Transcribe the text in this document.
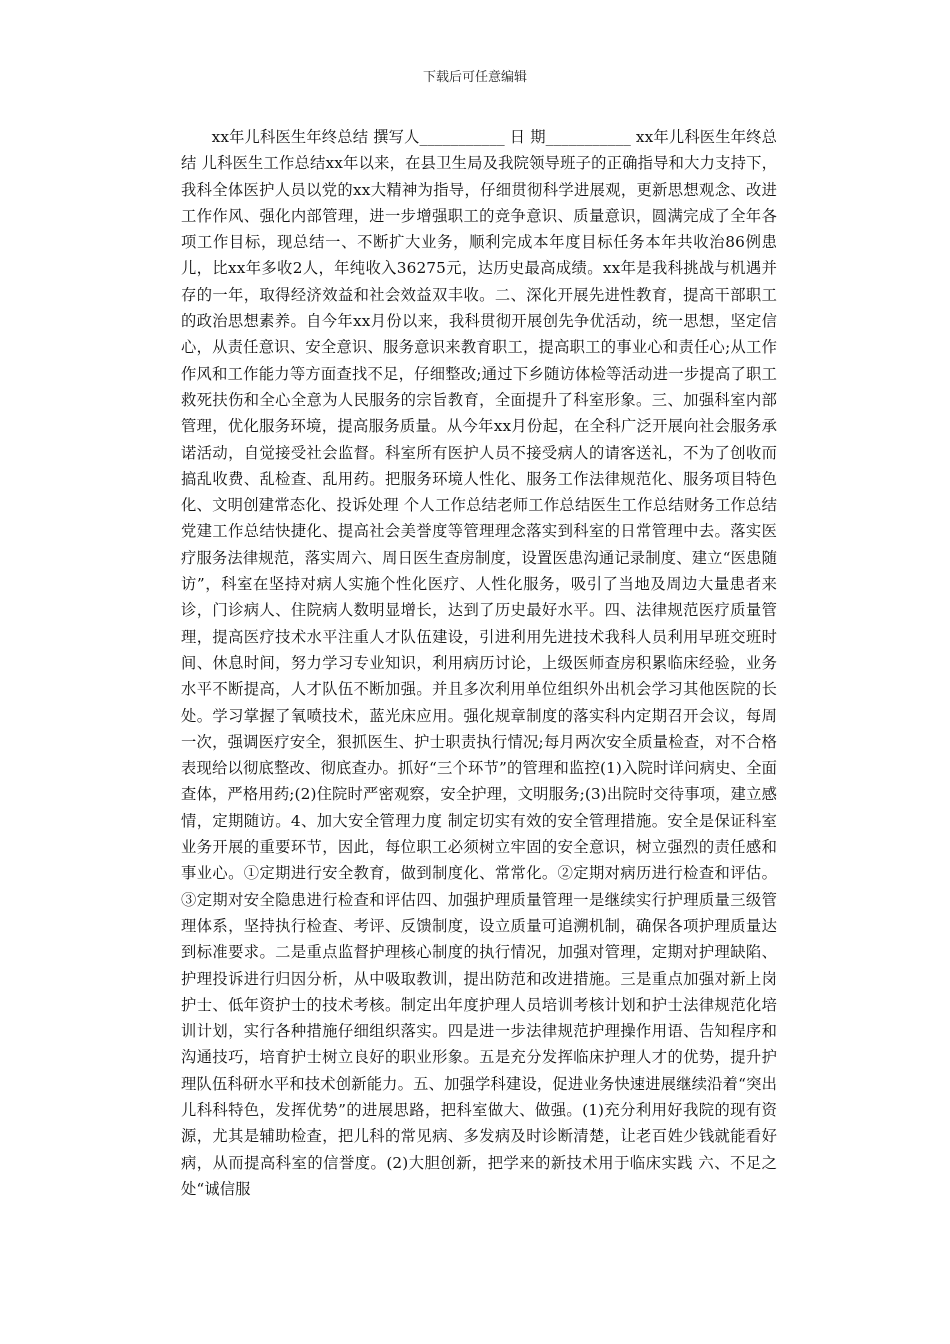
下载后可任意编辑

xx年儿科医生年终总结 撰写人___________ 日 期___________ xx年儿科医生年终总结 儿科医生工作总结xx年以来，在县卫生局及我院领导班子的正确指导和大力支持下，我科全体医护人员以党的xx大精神为指导，仔细贯彻科学进展观，更新思想观念、改进工作作风、强化内部管理，进一步增强职工的竞争意识、质量意识，圆满完成了全年各项工作目标，现总结一、不断扩大业务，顺利完成本年度目标任务本年共收治86例患儿，比xx年多收2人，年纯收入36275元，达历史最高成绩。xx年是我科挑战与机遇并存的一年，取得经济效益和社会效益双丰收。二、深化开展先进性教育，提高干部职工的政治思想素养。自今年xx月份以来，我科贯彻开展创先争优活动，统一思想，坚定信心，从责任意识、安全意识、服务意识来教育职工，提高职工的事业心和责任心;从工作作风和工作能力等方面查找不足，仔细整改;通过下乡随访体检等活动进一步提高了职工救死扶伤和全心全意为人民服务的宗旨教育，全面提升了科室形象。三、加强科室内部管理，优化服务环境，提高服务质量。从今年xx月份起，在全科广泛开展向社会服务承诺活动，自觉接受社会监督。科室所有医护人员不接受病人的请客送礼，不为了创收而搞乱收费、乱检查、乱用药。把服务环境人性化、服务工作法律规范化、服务项目特色化、文明创建常态化、投诉处理 个人工作总结老师工作总结医生工作总结财务工作总结党建工作总结快捷化、提高社会美誉度等管理理念落实到科室的日常管理中去。落实医疗服务法律规范，落实周六、周日医生查房制度，设置医患沟通记录制度、建立“医患随访”，科室在坚持对病人实施个性化医疗、人性化服务，吸引了当地及周边大量患者来诊，门诊病人、住院病人数明显增长，达到了历史最好水平。四、法律规范医疗质量管理，提高医疗技术水平注重人才队伍建设，引进利用先进技术我科人员利用早班交班时间、休息时间，努力学习专业知识，利用病历讨论，上级医师查房积累临床经验，业务水平不断提高，人才队伍不断加强。并且多次利用单位组织外出机会学习其他医院的长处。学习掌握了氧喷技术，蓝光床应用。强化规章制度的落实科内定期召开会议，每周一次，强调医疗安全，狠抓医生、护士职责执行情况;每月两次安全质量检查，对不合格表现给以彻底整改、彻底查办。抓好“三个环节”的管理和监控(1)入院时详问病史、全面查体，严格用药;(2)住院时严密观察，安全护理，文明服务;(3)出院时交待事项，建立感情，定期随访。4、加大安全管理力度 制定切实有效的安全管理措施。安全是保证科室业务开展的重要环节，因此，每位职工必须树立牢固的安全意识，树立强烈的责任感和事业心。①定期进行安全教育，做到制度化、常常化。②定期对病历进行检查和评估。③定期对安全隐患进行检查和评估四、加强护理质量管理一是继续实行护理质量三级管理体系，坚持执行检查、考评、反馈制度，设立质量可追溯机制，确保各项护理质量达到标准要求。二是重点监督护理核心制度的执行情况，加强对管理，定期对护理缺陷、护理投诉进行归因分析，从中吸取教训，提出防范和改进措施。三是重点加强对新上岗护士、低年资护士的技术考核。制定出年度护理人员培训考核计划和护士法律规范化培训计划，实行各种措施仔细组织落实。四是进一步法律规范护理操作用语、告知程序和沟通技巧，培育护士树立良好的职业形象。五是充分发挥临床护理人才的优势，提升护理队伍科研水平和技术创新能力。五、加强学科建设，促进业务快速进展继续沿着“突出儿科科特色，发挥优势”的进展思路，把科室做大、做强。(1)充分利用好我院的现有资源，尤其是辅助检查，把儿科的常见病、多发病及时诊断清楚，让老百姓少钱就能看好病，从而提高科室的信誉度。(2)大胆创新，把学来的新技术用于临床实践 六、不足之处“诚信服
